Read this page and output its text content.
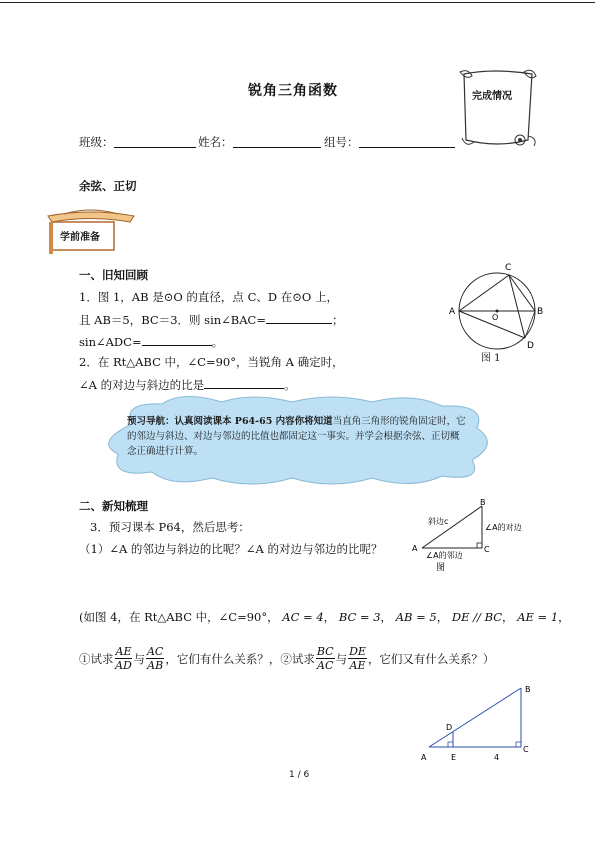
锐角三角函数	完成情况
班级：	姓名：	组号：
余弦、正切
学前准备
一、旧知回顾
1．图 1，AB 是⊙O 的直径，点 C、D 在⊙O 上，
且 AB＝5，BC＝3．则 sin∠BAC=	；
sin∠ADC=	。
2．在 Rt△ABC 中，∠C=90°，当锐角 A 确定时，
∠A 的对边与斜边的比是	。
A	B
C
D
O
图 1
预习导航：认真阅读课本 P64-65 内容你将知道当直角三角形的锐角固定时，它的邻边与斜边、对边与邻边的比值也都固定这一事实。并学会根据余弦、正切概念正确进行计算。
二、新知梳理
3．预习课本 P64，然后思考：
（1）∠A 的邻边与斜边的比呢？∠A 的对边与邻边的比呢？
斜边c
∠A的对边
∠A的邻边
A
B
C
图
(如图 4，在 Rt△ABC 中，∠C=90°， AC = 4， BC = 3， AB = 5， DE // BC， AE = 1，
①试求 $\frac{AE}{AD}$ 与 $\frac{AC}{AB}$ ，它们有什么关系？，②试求 $\frac{BC}{AC}$ 与 $\frac{DE}{AE}$ ，它们又有什么关系？）
A
B
C
D
E	4
1 / 6
